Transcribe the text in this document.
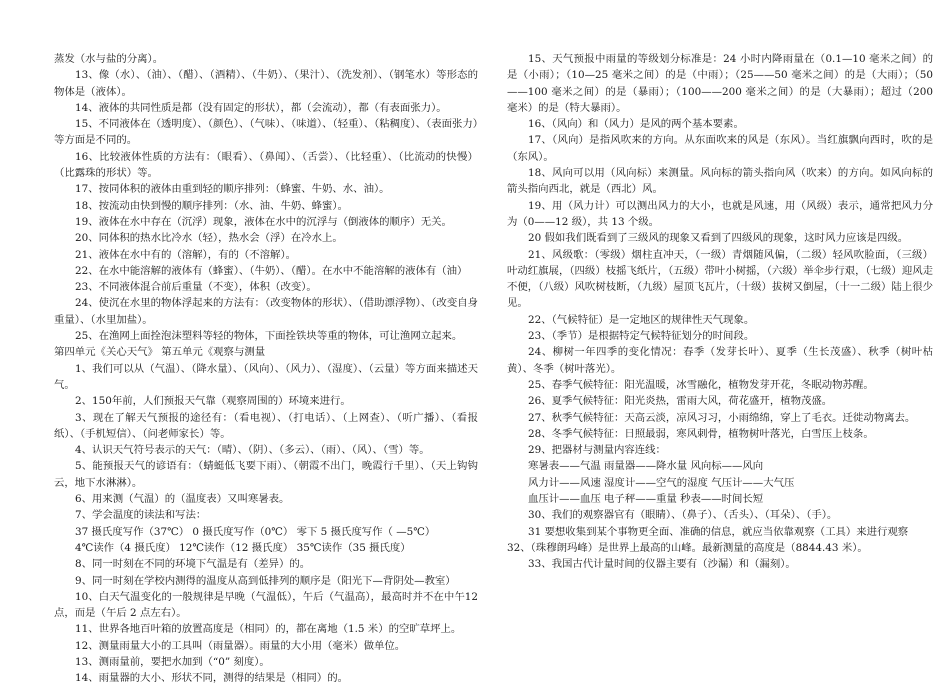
蒸发（水与盐的分离）。

13、像（水）、（油）、（醋）、（酒精）、（牛奶）、（果汁）、（洗发剂）、（钢笔水）等形态的物体是（液体）。

14、液体的共同性质是都（没有固定的形状），都（会流动），都（有表面张力）。

15、不同液体在（透明度）、（颜色）、（气味）、（味道）、（轻重）、（粘稠度）、（表面张力）等方面是不同的。

16、比较液体性质的方法有：（眼看）、（鼻闻）、（舌尝）、（比轻重）、（比流动的快慢）（比露珠的形状）等。

17、按同体积的液体由重到轻的顺序排列：（蜂蜜、牛奶、水、油）。

18、按流动由快到慢的顺序排列：（水、油、牛奶、蜂蜜）。

19、液体在水中存在（沉浮）现象，液体在水中的沉浮与（倒液体的顺序）无关。

20、同体积的热水比冷水（轻），热水会（浮）在冷水上。

21、液体在水中有的（溶解），有的（不溶解）。

22、在水中能溶解的液体有（蜂蜜）、（牛奶）、（醋）。在水中不能溶解的液体有（油）

23、不同液体混合前后重量（不变），体积（改变）。

24、使沉在水里的物体浮起来的方法有：（改变物体的形状）、（借助漂浮物）、（改变自身重量）、（水里加盐）。

25、在渔网上面拴泡沫塑料等轻的物体，下面拴铁块等重的物体，可让渔网立起来。

第四单元《关心天气》 第五单元《观察与测量

1、我们可以从（气温）、（降水量）、（风向）、（风力）、（湿度）、（云量）等方面来描述天气。

2、150年前，人们预报天气靠（观察周围的）环境来进行。

3、现在了解天气预报的途径有：（看电视）、（打电话）、（上网查）、（听广播）、（看报纸）、（手机短信）、（问老师家长）等。

4、认识天气符号表示的天气：（晴）、（阴）、（多云）、（雨）、（风）、（雪）等。

5、能预报天气的谚语有：（蜻蜓低飞要下雨）、（朝霞不出门，晚霞行千里）、（天上钩钩云，地下水淋淋）。

6、用来测（气温）的（温度表）又叫寒暑表。

7、学会温度的读法和写法：

37 摄氏度写作（37℃） 0 摄氏度写作（0℃） 零下 5 摄氏度写作（ —5℃）

4℃读作（4 摄氏度） 12℃读作（12 摄氏度） 35℃读作（35 摄氏度）

8、同一时刻在不同的环境下气温是有（差异）的。

9、同一时刻在学校内测得的温度从高到低排列的顺序是（阳光下—背阴处—教室）

10、白天气温变化的一般规律是早晚（气温低），午后（气温高），最高时并不在中午12 点，而是（午后 2 点左右）。

11、世界各地百叶箱的放置高度是（相同）的，都在离地（1.5 米）的空旷草坪上。

12、测量雨量大小的工具叫（雨量器）。雨量的大小用（毫米）做单位。

13、测雨量前，要把水加到（“0” 刻度）。

14、雨量器的大小、形状不同，测得的结果是（相同）的。

15、天气预报中雨量的等级划分标准是：24 小时内降雨量在（0.1—10 毫米之间）的是（小雨）；（10—25 毫米之间）的是（中雨）；（25——50 毫米之间）的是（大雨）；（50——100 毫米之间）的是（暴雨）；（100——200 毫米之间）的是（大暴雨）；超过（200 毫米）的是（特大暴雨）。

16、（风向）和（风力）是风的两个基本要素。

17、（风向）是指风吹来的方向。从东面吹来的风是（东风）。当红旗飘向西时，吹的是（东风）。

18、风向可以用（风向标）来测量。风向标的箭头指向风（吹来）的方向。如风向标的箭头指向西北，就是（西北）风。

19、用（风力计）可以测出风力的大小，也就是风速，用（风级）表示，通常把风力分为（0——12 级），共 13 个级。

20 假如我们既看到了三级风的现象又看到了四级风的现象，这时风力应该是四级。

21、风级歌：（零级）烟柱直冲天，（一级）青烟随风偏，（二级）轻风吹脸面，（三级）叶动红旗展，（四级）枝摇飞纸片，（五级）带叶小树摇，（六级）举伞步行艰，（七级）迎风走不便，（八级）风吹树枝断，（九级）屋顶飞瓦片，（十级）拔树又倒屋，（十一二级）陆上很少见。

22、（气候特征）是一定地区的规律性天气现象。

23、（季节）是根据特定气候特征划分的时间段。

24、柳树一年四季的变化情况：春季（发芽长叶）、夏季（生长茂盛）、秋季（树叶枯黄）、冬季（树叶落光）。

25、春季气候特征：阳光温暖，冰雪融化，植物发芽开花，冬眠动物苏醒。

26、夏季气候特征：阳光炎热，雷雨大风，荷花盛开，植物茂盛。

27、秋季气候特征：天高云淡，凉风习习，小雨绵绵，穿上了毛衣。迁徙动物离去。

28、冬季气候特征：日照最弱，寒风刺骨，植物树叶落光，白雪压上枝条。

29、把器材与测量内容连线：

寒暑表——气温 雨量器——降水量 风向标——风向

风力计——风速 湿度计——空气的湿度 气压计——大气压

血压计——血压 电子秤——重量 秒表——时间长短

30、我们的观察器官有（眼睛）、（鼻子）、（舌头）、（耳朵）、（手）。

31 要想收集到某个事物更全面、准确的信息，就应当依靠观察（工具）来进行观察

32、（珠穆朗玛峰）是世界上最高的山峰。最新测量的高度是（8844.43 米）。

33、我国古代计量时间的仪器主要有（沙漏）和（漏刻）。
